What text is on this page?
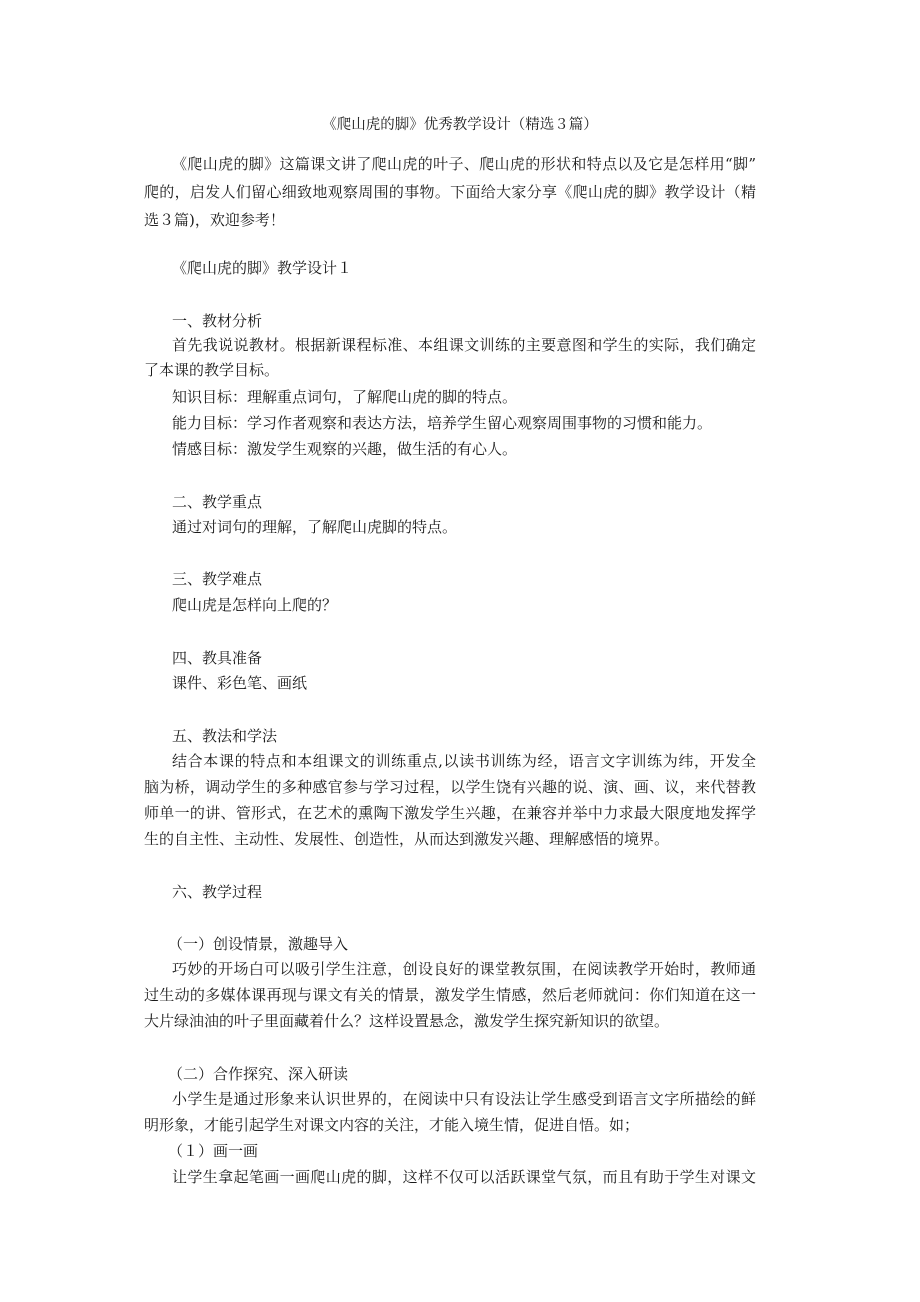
《爬山虎的脚》优秀教学设计（精选３篇）
《爬山虎的脚》这篇课文讲了爬山虎的叶子、爬山虎的形状和特点以及它是怎样用“脚”
爬的，启发人们留心细致地观察周围的事物。下面给大家分享《爬山虎的脚》教学设计（精
选３篇)，欢迎参考！
《爬山虎的脚》教学设计１
一、教材分析
首先我说说教材。根据新课程标准、本组课文训练的主要意图和学生的实际，我们确定
了本课的教学目标。
知识目标：理解重点词句，了解爬山虎的脚的特点。
能力目标：学习作者观察和表达方法，培养学生留心观察周围事物的习惯和能力。
情感目标：激发学生观察的兴趣，做生活的有心人。
二、教学重点
通过对词句的理解，了解爬山虎脚的特点。
三、教学难点
爬山虎是怎样向上爬的？
四、教具准备
课件、彩色笔、画纸
五、教法和学法
结合本课的特点和本组课文的训练重点,以读书训练为经，语言文字训练为纬，开发全
脑为桥，调动学生的多种感官参与学习过程，以学生饶有兴趣的说、演、画、议，来代替教
师单一的讲、管形式，在艺术的熏陶下激发学生兴趣，在兼容并举中力求最大限度地发挥学
生的自主性、主动性、发展性、创造性，从而达到激发兴趣、理解感悟的境界。
六、教学过程
（一）创设情景，激趣导入
巧妙的开场白可以吸引学生注意，创设良好的课堂教氛围，在阅读教学开始时，教师通
过生动的多媒体课再现与课文有关的情景，激发学生情感，然后老师就问：你们知道在这一
大片绿油油的叶子里面藏着什么？这样设置悬念，激发学生探究新知识的欲望。
（二）合作探究、深入研读
小学生是通过形象来认识世界的，在阅读中只有设法让学生感受到语言文字所描绘的鲜
明形象，才能引起学生对课文内容的关注，才能入境生情，促进自悟。如；
（１）画一画
让学生拿起笔画一画爬山虎的脚，这样不仅可以活跃课堂气氛，而且有助于学生对课文
